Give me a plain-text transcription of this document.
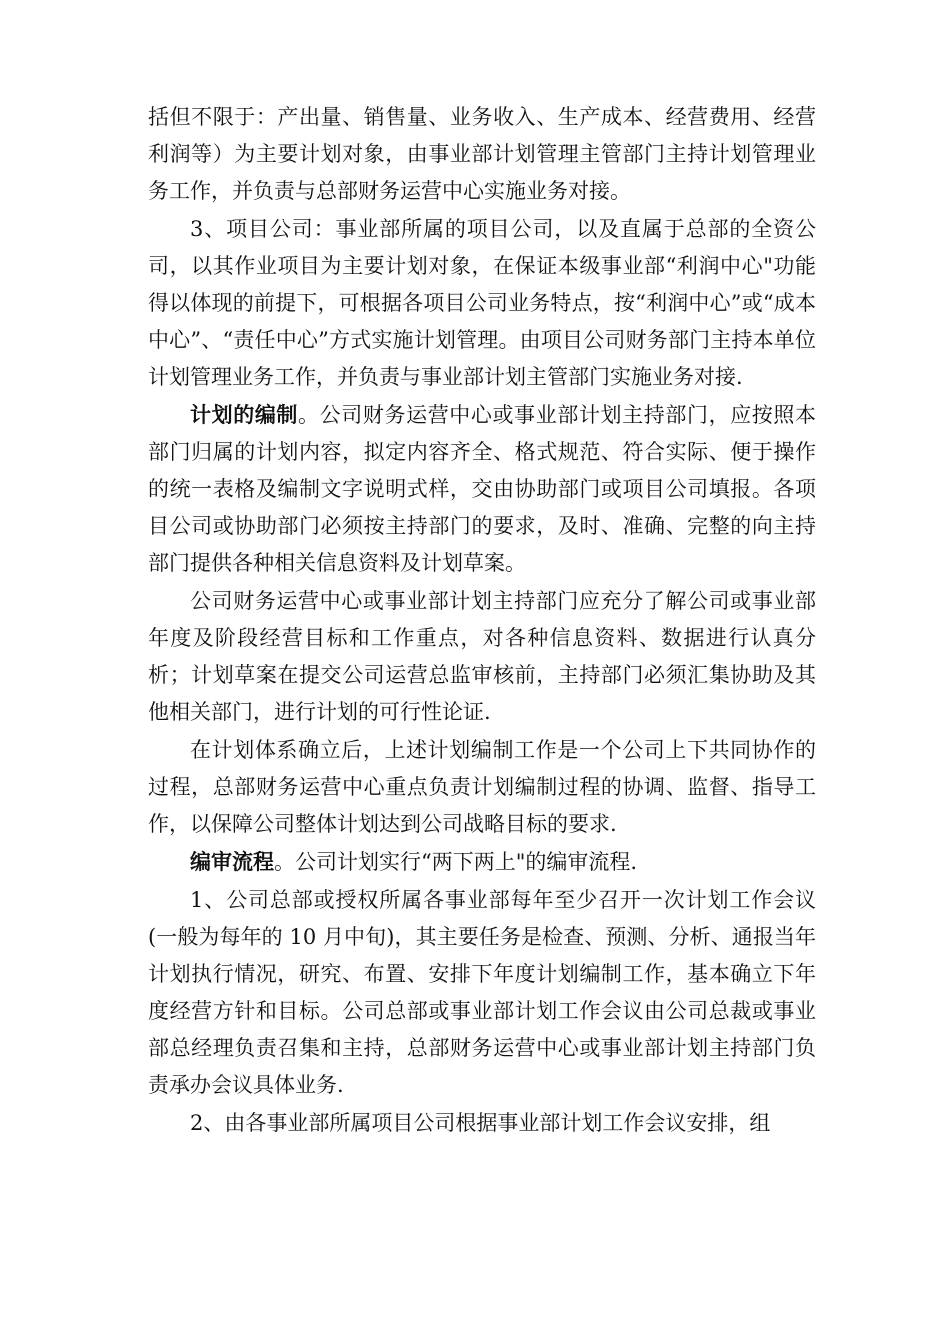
括但不限于：产出量、销售量、业务收入、生产成本、经营费用、经营利润等）为主要计划对象，由事业部计划管理主管部门主持计划管理业务工作，并负责与总部财务运营中心实施业务对接。

3、项目公司：事业部所属的项目公司，以及直属于总部的全资公司，以其作业项目为主要计划对象，在保证本级事业部“利润中心"功能得以体现的前提下，可根据各项目公司业务特点，按“利润中心”或“成本中心”、“责任中心”方式实施计划管理。由项目公司财务部门主持本单位计划管理业务工作，并负责与事业部计划主管部门实施业务对接.

计划的编制。公司财务运营中心或事业部计划主持部门，应按照本部门归属的计划内容，拟定内容齐全、格式规范、符合实际、便于操作的统一表格及编制文字说明式样，交由协助部门或项目公司填报。各项目公司或协助部门必须按主持部门的要求，及时、准确、完整的向主持部门提供各种相关信息资料及计划草案。

公司财务运营中心或事业部计划主持部门应充分了解公司或事业部年度及阶段经营目标和工作重点，对各种信息资料、数据进行认真分析；计划草案在提交公司运营总监审核前，主持部门必须汇集协助及其他相关部门，进行计划的可行性论证.

在计划体系确立后，上述计划编制工作是一个公司上下共同协作的过程，总部财务运营中心重点负责计划编制过程的协调、监督、指导工作，以保障公司整体计划达到公司战略目标的要求.

编审流程。公司计划实行“两下两上"的编审流程.

1、公司总部或授权所属各事业部每年至少召开一次计划工作会议(一般为每年的 10 月中旬)，其主要任务是检查、预测、分析、通报当年计划执行情况，研究、布置、安排下年度计划编制工作，基本确立下年度经营方针和目标。公司总部或事业部计划工作会议由公司总裁或事业部总经理负责召集和主持，总部财务运营中心或事业部计划主持部门负责承办会议具体业务.

2、由各事业部所属项目公司根据事业部计划工作会议安排，组
